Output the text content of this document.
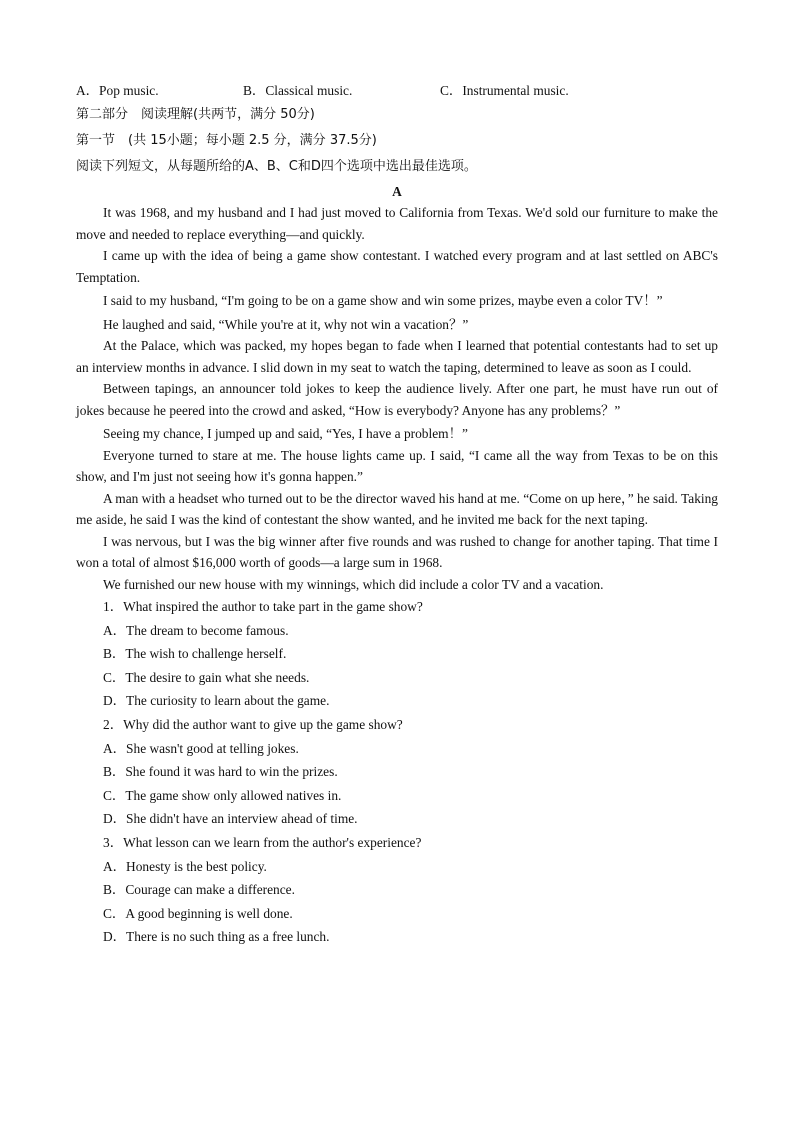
A．Pop music.	B．Classical music.	C．Instrumental music.
第二部分　阅读理解(共两节，满分 50分)
第一节　(共 15小题；每小题 2.5 分，满分 37.5分)
阅读下列短文，从每题所给的A、B、C和D四个选项中选出最佳选项。
A

It was 1968, and my husband and I had just moved to California from Texas. We'd sold our furniture to make the move and needed to replace everything—and quickly.

I came up with the idea of being a game show contestant. I watched every program and at last settled on ABC's Temptation.

I said to my husband, “I'm going to be on a game show and win some prizes, maybe even a color TV！”

He laughed and said, “While you're at it, why not win a vacation？”

At the Palace, which was packed, my hopes began to fade when I learned that potential contestants had to set up an interview months in advance. I slid down in my seat to watch the taping, determined to leave as soon as I could.

Between tapings, an announcer told jokes to keep the audience lively. After one part, he must have run out of jokes because he peered into the crowd and asked, “How is everybody? Anyone has any problems？”

Seeing my chance, I jumped up and said, “Yes, I have a problem！”

Everyone turned to stare at me. The house lights came up. I said, “I came all the way from Texas to be on this show, and I'm just not seeing how it's gonna happen.”

A man with a headset who turned out to be the director waved his hand at me. “Come on up here，” he said. Taking me aside, he said I was the kind of contestant the show wanted, and he invited me back for the next taping.

I was nervous, but I was the big winner after five rounds and was rushed to change for another taping. That time I won a total of almost $16,000 worth of goods—a large sum in 1968.

We furnished our new house with my winnings, which did include a color TV and a vacation.

1．What inspired the author to take part in the game show?
A．The dream to become famous.
B．The wish to challenge herself.
C．The desire to gain what she needs.
D．The curiosity to learn about the game.
2．Why did the author want to give up the game show?
A．She wasn't good at telling jokes.
B．She found it was hard to win the prizes.
C．The game show only allowed natives in.
D．She didn't have an interview ahead of time.
3．What lesson can we learn from the author's experience?
A．Honesty is the best policy.
B．Courage can make a difference.
C．A good beginning is well done.
D．There is no such thing as a free lunch.
